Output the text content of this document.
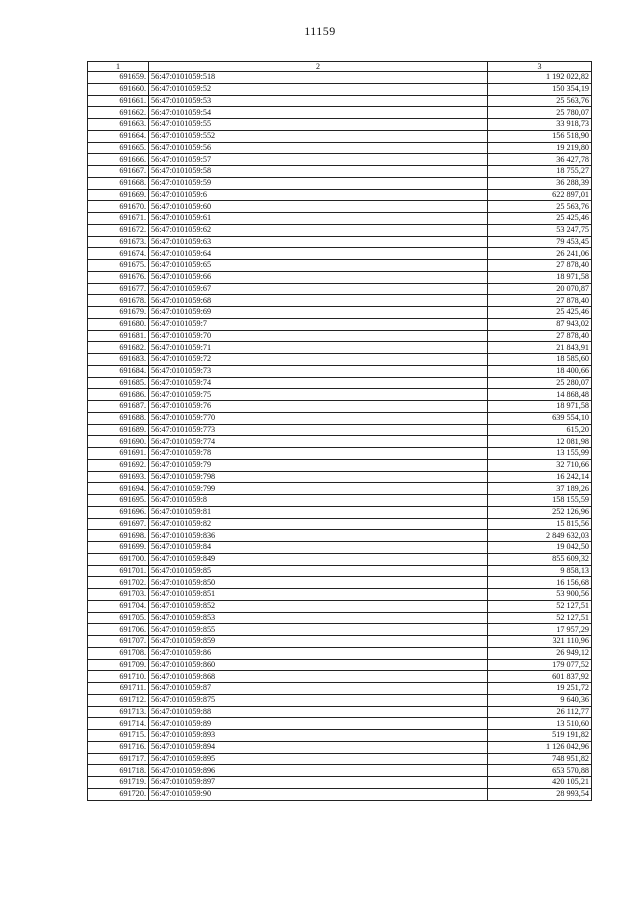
11159
1	2	3
691659.	56:47:0101059:518	1 192 022,82
691660.	56:47:0101059:52	150 354,19
691661.	56:47:0101059:53	25 563,76
691662.	56:47:0101059:54	25 780,07
691663.	56:47:0101059:55	33 918,73
691664.	56:47:0101059:552	156 518,90
691665.	56:47:0101059:56	19 219,80
691666.	56:47:0101059:57	36 427,78
691667.	56:47:0101059:58	18 755,27
691668.	56:47:0101059:59	36 288,39
691669.	56:47:0101059:6	622 897,01
691670.	56:47:0101059:60	25 563,76
691671.	56:47:0101059:61	25 425,46
691672.	56:47:0101059:62	53 247,75
691673.	56:47:0101059:63	79 453,45
691674.	56:47:0101059:64	26 241,06
691675.	56:47:0101059:65	27 878,40
691676.	56:47:0101059:66	18 971,58
691677.	56:47:0101059:67	20 070,87
691678.	56:47:0101059:68	27 878,40
691679.	56:47:0101059:69	25 425,46
691680.	56:47:0101059:7	87 943,02
691681.	56:47:0101059:70	27 878,40
691682.	56:47:0101059:71	21 843,91
691683.	56:47:0101059:72	18 585,60
691684.	56:47:0101059:73	18 400,66
691685.	56:47:0101059:74	25 280,07
691686.	56:47:0101059:75	14 868,48
691687.	56:47:0101059:76	18 971,58
691688.	56:47:0101059:770	639 554,10
691689.	56:47:0101059:773	615,20
691690.	56:47:0101059:774	12 081,98
691691.	56:47:0101059:78	13 155,99
691692.	56:47:0101059:79	32 710,66
691693.	56:47:0101059:798	16 242,14
691694.	56:47:0101059:799	37 189,26
691695.	56:47:0101059:8	158 155,59
691696.	56:47:0101059:81	252 126,96
691697.	56:47:0101059:82	15 815,56
691698.	56:47:0101059:836	2 849 632,03
691699.	56:47:0101059:84	19 042,50
691700.	56:47:0101059:849	855 609,32
691701.	56:47:0101059:85	9 858,13
691702.	56:47:0101059:850	16 156,68
691703.	56:47:0101059:851	53 900,56
691704.	56:47:0101059:852	52 127,51
691705.	56:47:0101059:853	52 127,51
691706.	56:47:0101059:855	17 957,29
691707.	56:47:0101059:859	321 110,96
691708.	56:47:0101059:86	26 949,12
691709.	56:47:0101059:860	179 077,52
691710.	56:47:0101059:868	601 837,92
691711.	56:47:0101059:87	19 251,72
691712.	56:47:0101059:875	9 640,36
691713.	56:47:0101059:88	26 112,77
691714.	56:47:0101059:89	13 510,60
691715.	56:47:0101059:893	519 191,82
691716.	56:47:0101059:894	1 126 042,96
691717.	56:47:0101059:895	748 951,82
691718.	56:47:0101059:896	653 570,88
691719.	56:47:0101059:897	420 105,21
691720.	56:47:0101059:90	28 993,54
